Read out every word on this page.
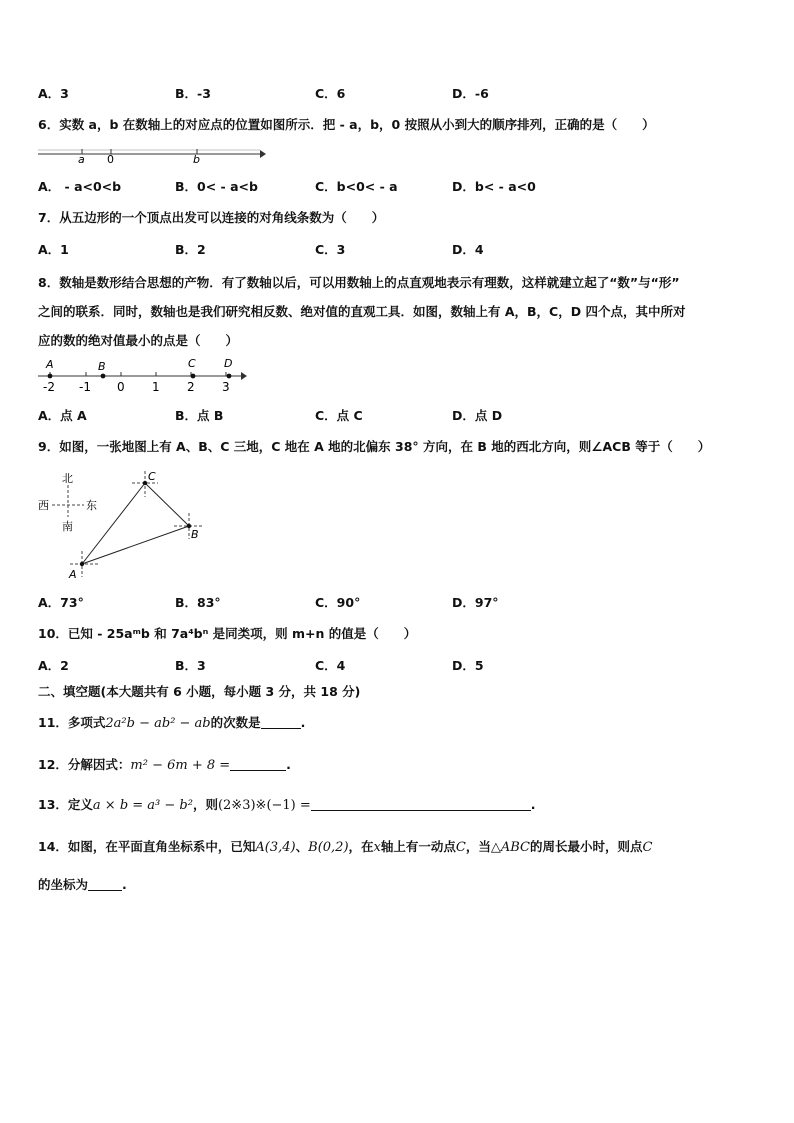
A．3	B．-3	C．6	D．-6
6．实数 a，b 在数轴上的对应点的位置如图所示．把 - a，b，0 按照从小到大的顺序排列，正确的是（　　）
a 0	b
A． - a<0<b	B．0< - a<b	C．b<0< - a	D．b< - a<0
7．从五边形的一个顶点出发可以连接的对角线条数为（　　）
A．1	B．2	C．3	D．4
8．数轴是数形结合思想的产物．有了数轴以后，可以用数轴上的点直观地表示有理数，这样就建立起了“数”与“形”
之间的联系．同时，数轴也是我们研究相反数、绝对值的直观工具．如图，数轴上有 A，B，C，D 四个点，其中所对
应的数的绝对值最小的点是（　　）
A	B	C	D
-2 -1 0 1 2 3
A．点 A	B．点 B	C．点 C	D．点 D
9．如图，一张地图上有 A、B、C 三地，C 地在 A 地的北偏东 38° 方向，在 B 地的西北方向，则∠ACB 等于（　　）
北
西	东
南
A
B
C
A．73°	B．83°	C．90°	D．97°
10．已知 - 25aᵐb 和 7a⁴bⁿ 是同类项，则 m+n 的值是（　　）
A．2	B．3	C．4	D．5
二、填空题(本大题共有 6 小题，每小题 3 分，共 18 分)
11．多项式2a²b − ab² − ab的次数是	.
12．分解因式：m² − 6m + 8 =	.
13．定义a × b = a³ − b²，则(2※3)※(−1) =	.
14．如图，在平面直角坐标系中，已知A(3,4)、B(0,2)，在x轴上有一动点C，当△ABC的周长最小时，则点C
的坐标为	.
